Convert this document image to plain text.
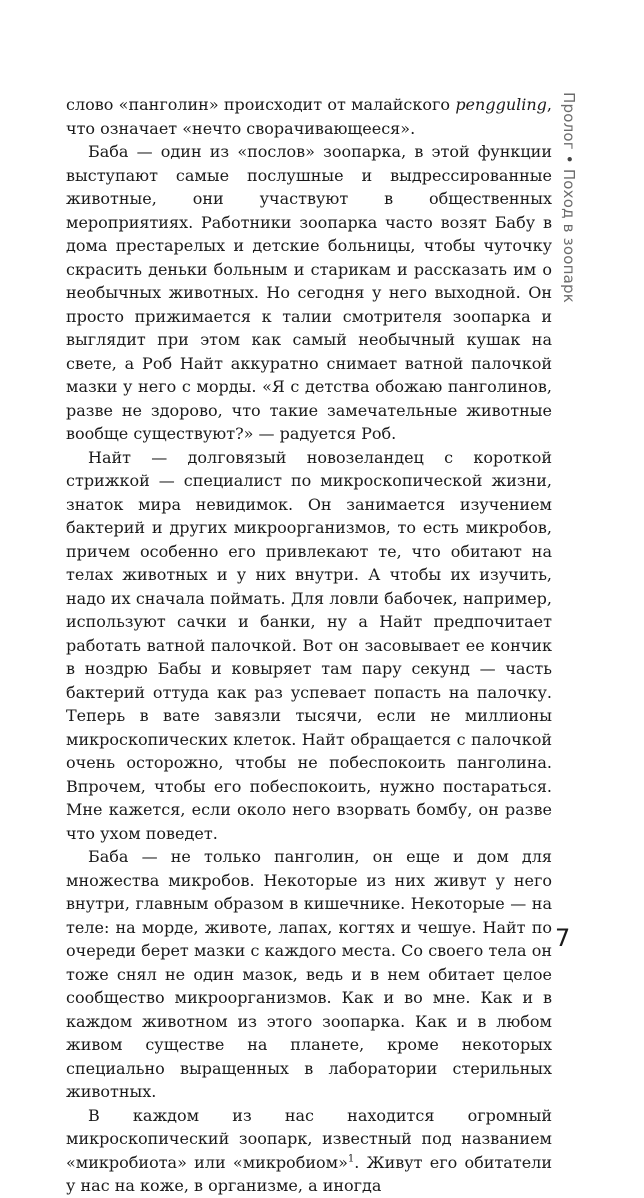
слово «панголин» происходит от малайского pengguling, что означает «нечто сворачивающееся».

Баба — один из «послов» зоопарка, в этой функции выступают самые послушные и выдрессированные животные, они участвуют в общественных мероприятиях. Работники зоопарка часто возят Бабу в дома престарелых и детские больницы, чтобы чуточку скрасить деньки больным и старикам и рассказать им о необычных животных. Но сегодня у него выходной. Он просто прижимается к талии смотрителя зоопарка и выглядит при этом как самый необычный кушак на свете, а Роб Найт аккуратно снимает ватной палочкой мазки у него с морды. «Я с детства обожаю панголинов, разве не здорово, что такие замечательные животные вообще существуют?» — радуется Роб.

Найт — долговязый новозеландец с короткой стрижкой — специалист по микроскопической жизни, знаток мира невидимок. Он занимается изучением бактерий и других микроорганизмов, то есть микробов, причем особенно его привлекают те, что обитают на телах животных и у них внутри. А чтобы их изучить, надо их сначала поймать. Для ловли бабочек, например, используют сачки и банки, ну а Найт предпочитает работать ватной палочкой. Вот он засовывает ее кончик в ноздрю Бабы и ковыряет там пару секунд — часть бактерий оттуда как раз успевает попасть на палочку. Теперь в вате завязли тысячи, если не миллионы микроскопических клеток. Найт обращается с палочкой очень осторожно, чтобы не побеспокоить панголина. Впрочем, чтобы его побеспокоить, нужно постараться. Мне кажется, если около него взорвать бомбу, он разве что ухом поведет.

Баба — не только панголин, он еще и дом для множества микробов. Некоторые из них живут у него внутри, главным образом в кишечнике. Некоторые — на теле: на морде, животе, лапах, когтях и чешуе. Найт по очереди берет мазки с каждого места. Со своего тела он тоже снял не один мазок, ведь и в нем обитает целое сообщество микроорганизмов. Как и во мне. Как и в каждом животном из этого зоопарка. Как и в любом живом существе на планете, кроме некоторых специально выращенных в лаборатории стерильных животных.

В каждом из нас находится огромный микроскопический зоопарк, известный под названием «микробиота» или «микробиом»$^1$. Живут его обитатели у нас на коже, в организме, а иногда

Пролог • Поход в зоопарк
7
